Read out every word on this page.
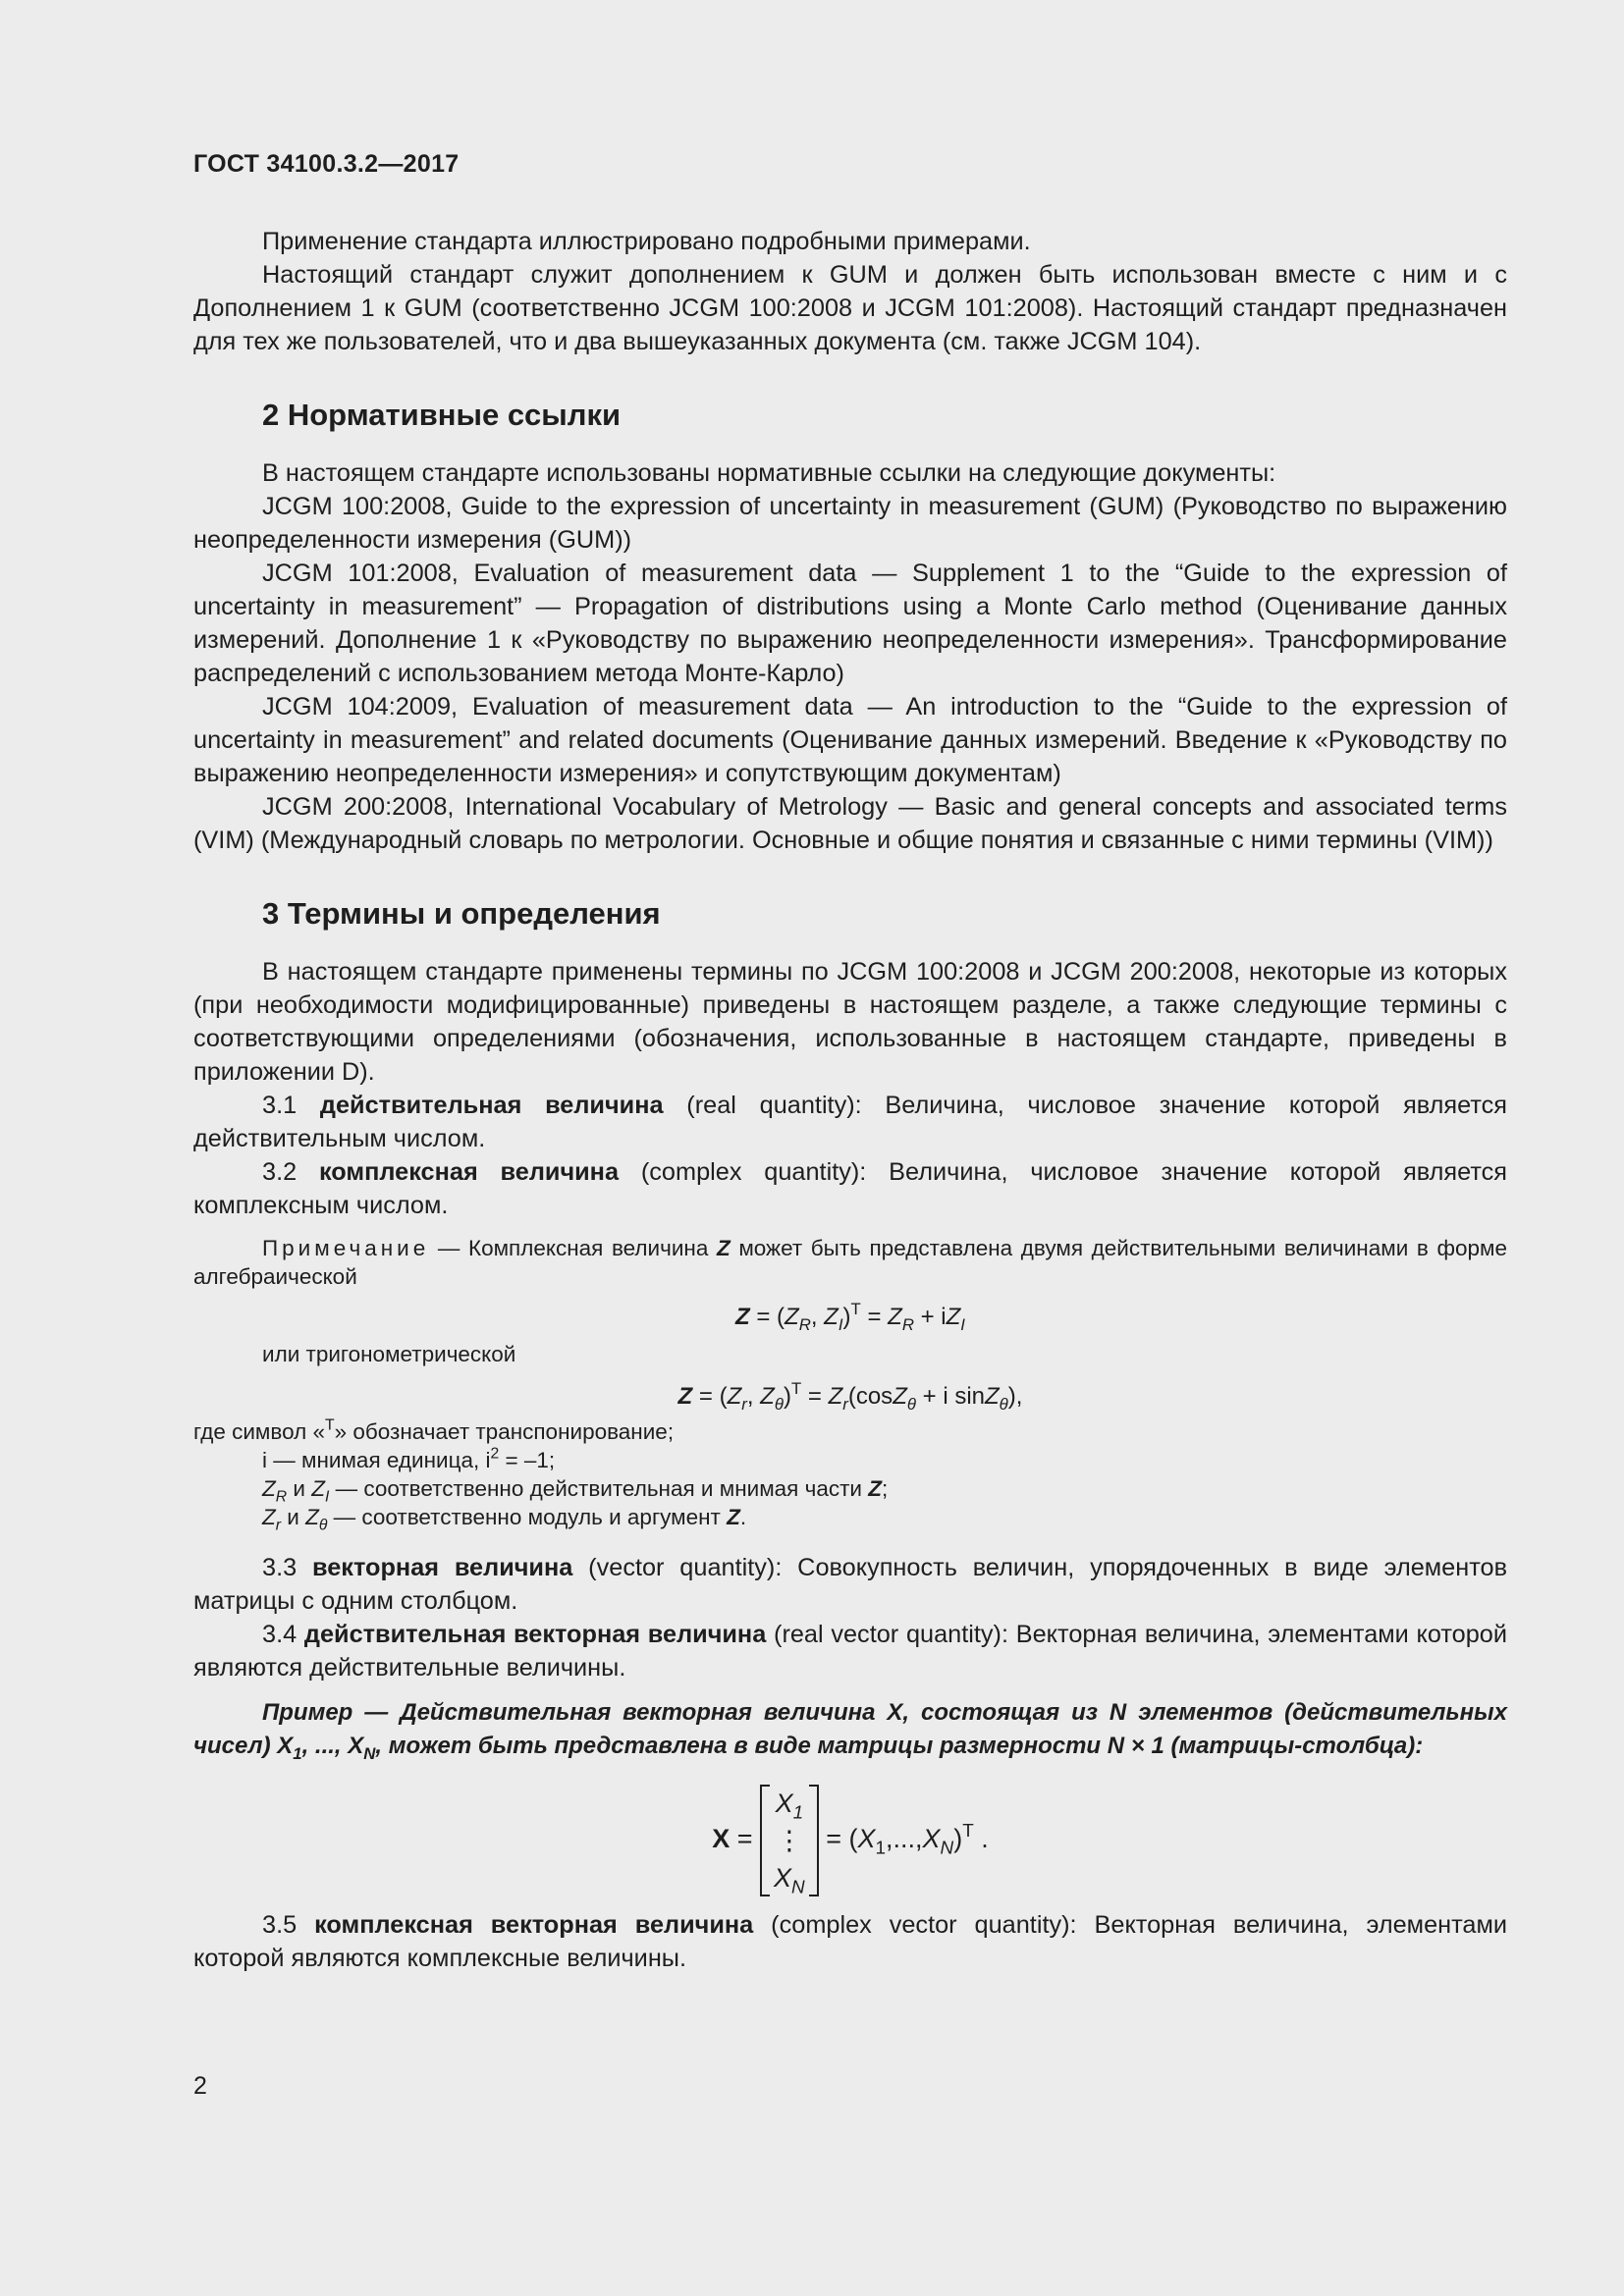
ГОСТ 34100.3.2—2017

Применение стандарта иллюстрировано подробными примерами.

Настоящий стандарт служит дополнением к GUM и должен быть использован вместе с ним и с Дополнением 1 к GUM (соответственно JCGM 100:2008 и JCGM 101:2008). Настоящий стандарт предназначен для тех же пользователей, что и два вышеуказанных документа (см. также JCGM 104).

2 Нормативные ссылки

В настоящем стандарте использованы нормативные ссылки на следующие документы:

JCGM 100:2008, Guide to the expression of uncertainty in measurement (GUM) (Руководство по выражению неопределенности измерения (GUM))

JCGM 101:2008, Evaluation of measurement data — Supplement 1 to the “Guide to the expression of uncertainty in measurement” — Propagation of distributions using a Monte Carlo method (Оценивание данных измерений. Дополнение 1 к «Руководству по выражению неопределенности измерения». Трансформирование распределений с использованием метода Монте-Карло)

JCGM 104:2009, Evaluation of measurement data — An introduction to the “Guide to the expression of uncertainty in measurement” and related documents (Оценивание данных измерений. Введение к «Руководству по выражению неопределенности измерения» и сопутствующим документам)

JCGM 200:2008, International Vocabulary of Metrology — Basic and general concepts and associated terms (VIM) (Международный словарь по метрологии. Основные и общие понятия и связанные с ними термины (VIM))

3 Термины и определения

В настоящем стандарте применены термины по JCGM 100:2008 и JCGM 200:2008, некоторые из которых (при необходимости модифицированные) приведены в настоящем разделе, а также следующие термины с соответствующими определениями (обозначения, использованные в настоящем стандарте, приведены в приложении D).

3.1 действительная величина (real quantity): Величина, числовое значение которой является действительным числом.

3.2 комплексная величина (complex quantity): Величина, числовое значение которой является комплексным числом.

Примечание — Комплексная величина Z может быть представлена двумя действительными величинами в форме алгебраической

$Z = (Z_R$, $Z_I)^T = Z_R + iZ_I$

или тригонометрической

$Z = (Z_r$, $Z_\theta)^T = Z_r(\cos Z_\theta + i$ sinZ$_\theta$),
где символ «$^T$» обозначает транспонирование;
i — мнимая единица, $i^2 = -1$;
$Z_R$ и $Z_I$ — соответственно действительная и мнимая части Z;
$Z_r$ и $Z_\theta$ — соответственно модуль и аргумент Z.

3.3 векторная величина (vector quantity): Совокупность величин, упорядоченных в виде элементов матрицы с одним столбцом.

3.4 действительная векторная величина (real vector quantity): Векторная величина, элементами которой являются действительные величины.

Пример — Действительная векторная величина X, состоящая из N элементов (действительных чисел) $X_1$, ..., $X_N$, может быть представлена в виде матрицы размерности N × 1 (матрицы-столбца):
X =
$X_1$
⋮
$X_N$
= $(X_1,...,X_N)^T$ .

3.5 комплексная векторная величина (complex vector quantity): Векторная величина, элементами которой являются комплексные величины.

2
